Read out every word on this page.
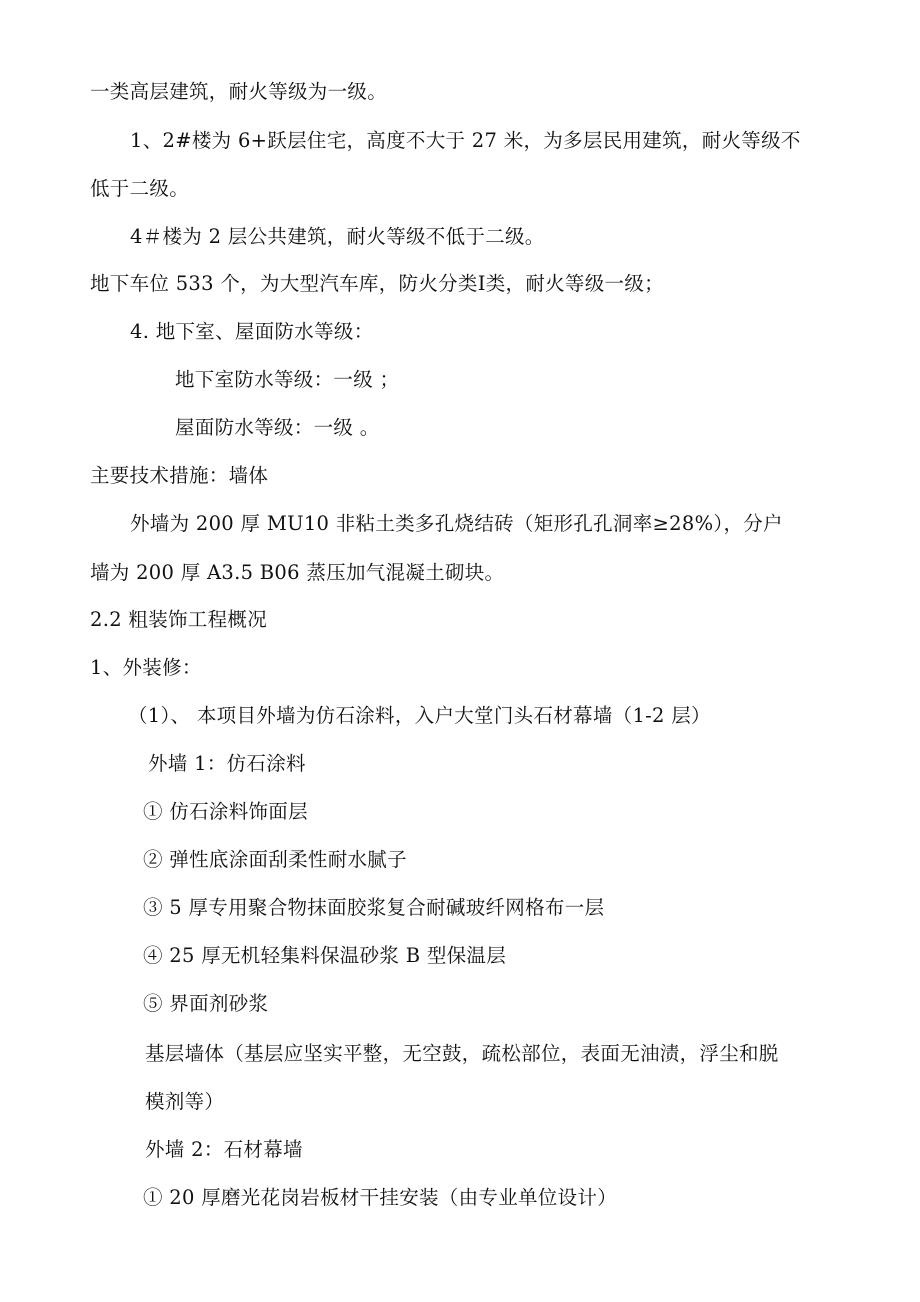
一类高层建筑，耐火等级为一级。
1、2#楼为 6+跃层住宅，高度不大于 27 米，为多层民用建筑，耐火等级不
低于二级。
4＃楼为 2 层公共建筑，耐火等级不低于二级。
地下车位 533 个，为大型汽车库，防火分类Ⅰ类，耐火等级一级；
4. 地下室、屋面防水等级：
地下室防水等级：一级 ；
屋面防水等级：一级 。
主要技术措施：墙体
外墙为 200 厚 MU10 非粘土类多孔烧结砖（矩形孔孔洞率≥28%），分户
墙为 200 厚 A3.5 B06 蒸压加气混凝土砌块。
2.2 粗装饰工程概况
1、外装修：
（1）、 本项目外墙为仿石涂料，入户大堂门头石材幕墙（1-2 层）
外墙 1：仿石涂料
① 仿石涂料饰面层
② 弹性底涂面刮柔性耐水腻子
③ 5 厚专用聚合物抹面胶浆复合耐碱玻纤网格布一层
④ 25 厚无机轻集料保温砂浆 B 型保温层
⑤ 界面剂砂浆
基层墙体（基层应坚实平整，无空鼓，疏松部位，表面无油渍，浮尘和脱
模剂等）
外墙 2：石材幕墙
① 20 厚磨光花岗岩板材干挂安装（由专业单位设计）
